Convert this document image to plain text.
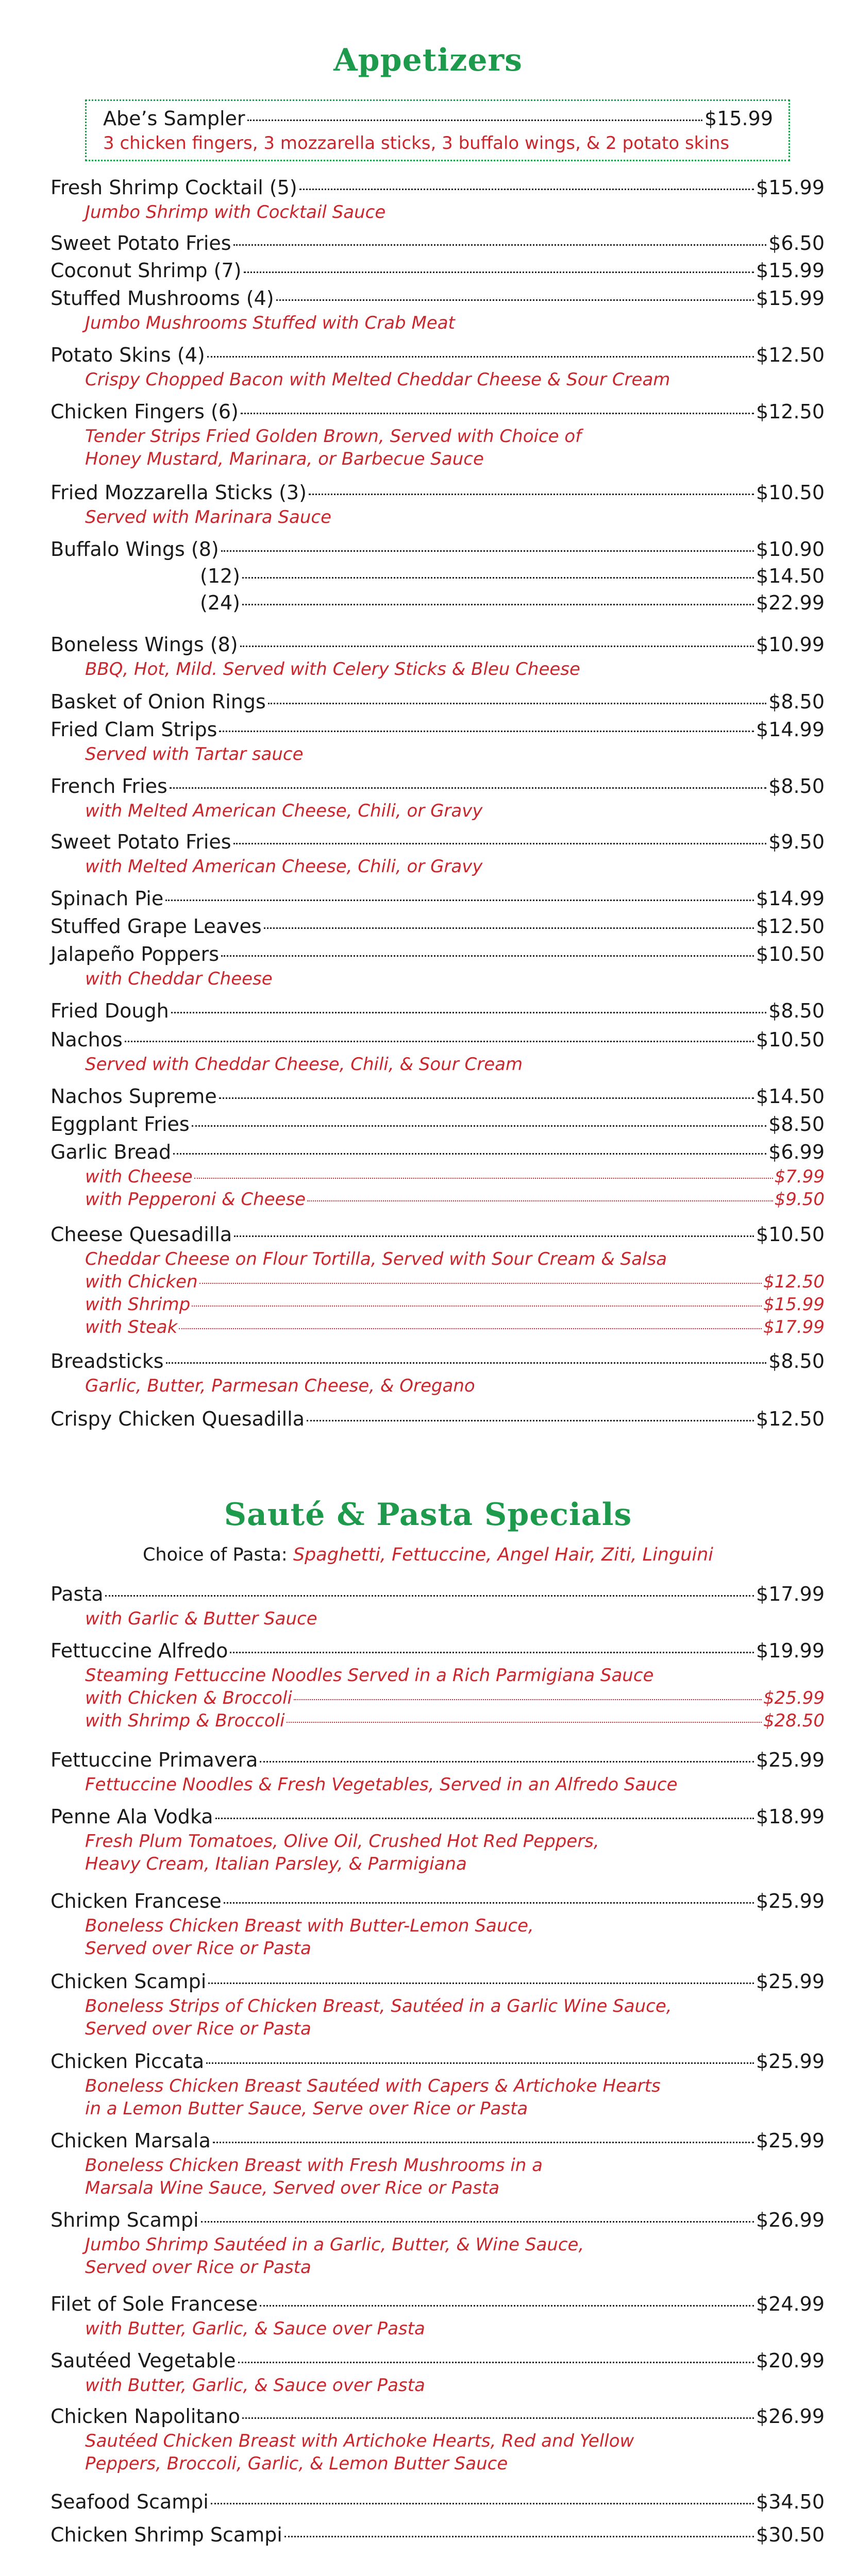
Appetizers
Abe’s Sampler	$15.99
3 chicken fingers, 3 mozzarella sticks, 3 buffalo wings, & 2 potato skins
Fresh Shrimp Cocktail (5)	$15.99
Jumbo Shrimp with Cocktail Sauce
Sweet Potato Fries	$6.50
Coconut Shrimp (7)	$15.99
Stuffed Mushrooms (4)	$15.99
Jumbo Mushrooms Stuffed with Crab Meat
Potato Skins (4)	$12.50
Crispy Chopped Bacon with Melted Cheddar Cheese & Sour Cream
Chicken Fingers (6)	$12.50
Tender Strips Fried Golden Brown, Served with Choice of
Honey Mustard, Marinara, or Barbecue Sauce
Fried Mozzarella Sticks (3)	$10.50
Served with Marinara Sauce
Buffalo Wings (8)	$10.90
(12)	$14.50
(24)	$22.99
Boneless Wings (8)	$10.99
BBQ, Hot, Mild. Served with Celery Sticks & Bleu Cheese
Basket of Onion Rings	$8.50
Fried Clam Strips	$14.99
Served with Tartar sauce
French Fries	$8.50
with Melted American Cheese, Chili, or Gravy
Sweet Potato Fries	$9.50
with Melted American Cheese, Chili, or Gravy
Spinach Pie	$14.99
Stuffed Grape Leaves	$12.50
Jalapeño Poppers	$10.50
with Cheddar Cheese
Fried Dough	$8.50
Nachos	$10.50
Served with Cheddar Cheese, Chili, & Sour Cream
Nachos Supreme	$14.50
Eggplant Fries	$8.50
Garlic Bread	$6.99
with Cheese	$7.99
with Pepperoni & Cheese	$9.50
Cheese Quesadilla	$10.50
Cheddar Cheese on Flour Tortilla, Served with Sour Cream & Salsa
with Chicken	$12.50
with Shrimp	$15.99
with Steak	$17.99
Breadsticks	$8.50
Garlic, Butter, Parmesan Cheese, & Oregano
Crispy Chicken Quesadilla	$12.50
Sauté & Pasta Specials
Choice of Pasta: Spaghetti, Fettuccine, Angel Hair, Ziti, Linguini
Pasta	$17.99
with Garlic & Butter Sauce
Fettuccine Alfredo	$19.99
Steaming Fettuccine Noodles Served in a Rich Parmigiana Sauce
with Chicken & Broccoli	$25.99
with Shrimp & Broccoli	$28.50
Fettuccine Primavera	$25.99
Fettuccine Noodles & Fresh Vegetables, Served in an Alfredo Sauce
Penne Ala Vodka	$18.99
Fresh Plum Tomatoes, Olive Oil, Crushed Hot Red Peppers,
Heavy Cream, Italian Parsley, & Parmigiana
Chicken Francese	$25.99
Boneless Chicken Breast with Butter-Lemon Sauce,
Served over Rice or Pasta
Chicken Scampi	$25.99
Boneless Strips of Chicken Breast, Sautéed in a Garlic Wine Sauce,
Served over Rice or Pasta
Chicken Piccata	$25.99
Boneless Chicken Breast Sautéed with Capers & Artichoke Hearts
in a Lemon Butter Sauce, Serve over Rice or Pasta
Chicken Marsala	$25.99
Boneless Chicken Breast with Fresh Mushrooms in a
Marsala Wine Sauce, Served over Rice or Pasta
Shrimp Scampi	$26.99
Jumbo Shrimp Sautéed in a Garlic, Butter, & Wine Sauce,
Served over Rice or Pasta
Filet of Sole Francese	$24.99
with Butter, Garlic, & Sauce over Pasta
Sautéed Vegetable	$20.99
with Butter, Garlic, & Sauce over Pasta
Chicken Napolitano	$26.99
Sautéed Chicken Breast with Artichoke Hearts, Red and Yellow
Peppers, Broccoli, Garlic, & Lemon Butter Sauce
Seafood Scampi	$34.50
Chicken Shrimp Scampi	$30.50
